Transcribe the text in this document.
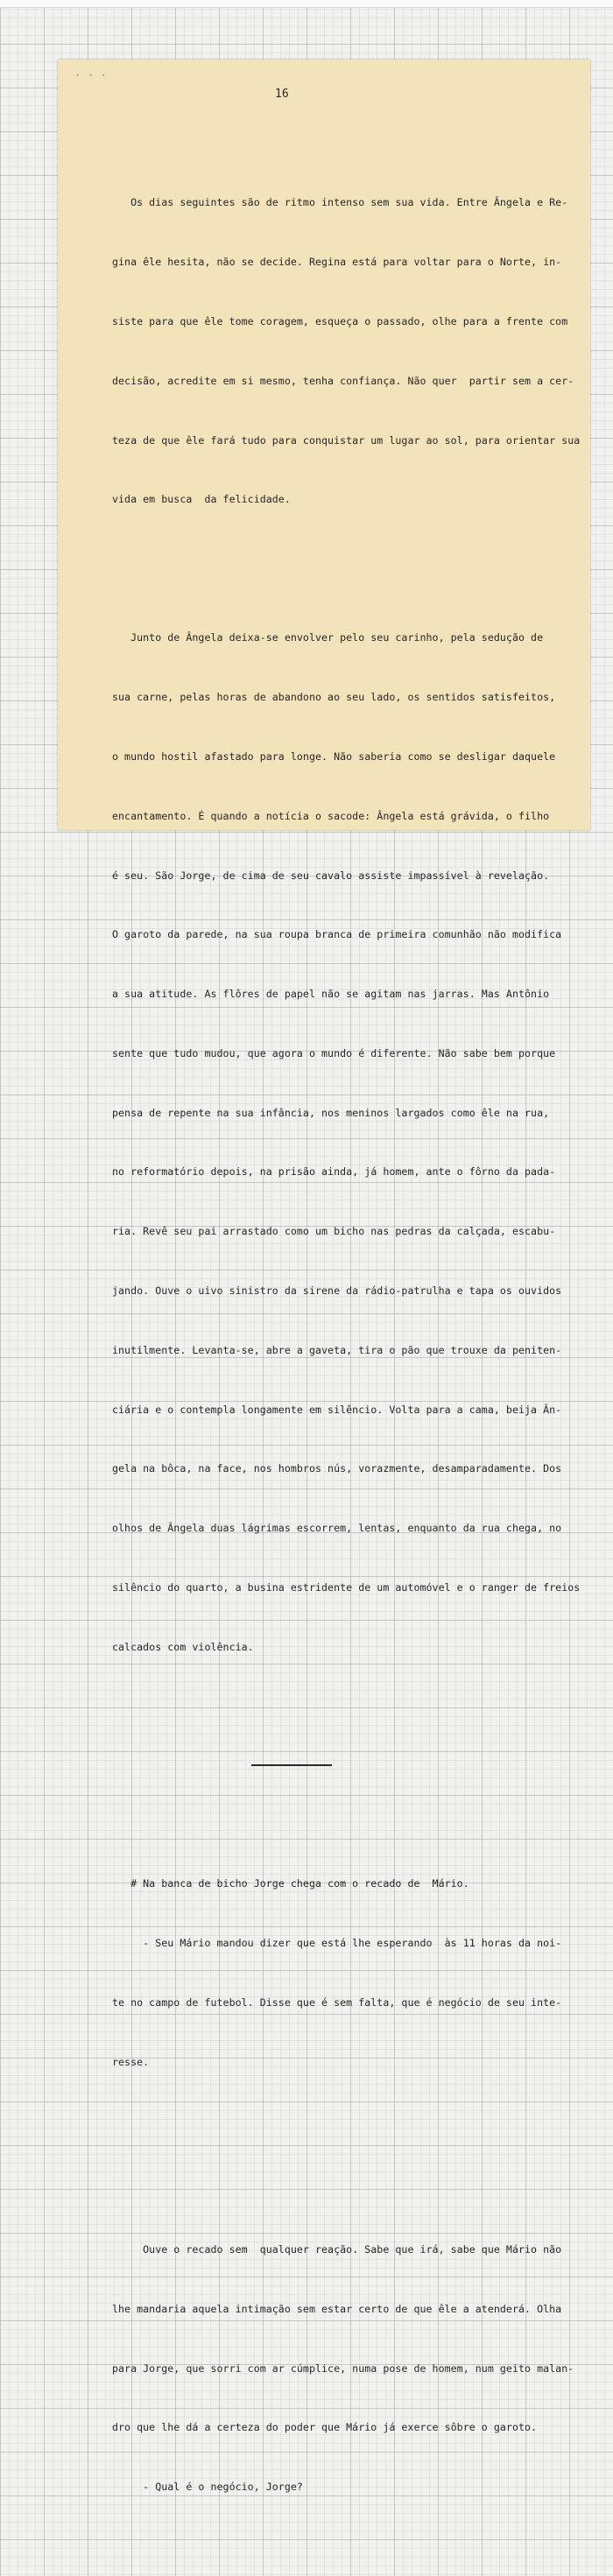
· · ·
16

Os dias seguintes são de ritmo intenso sem sua vida. Entre Ângela e Re-

gina êle hesita, não se decide. Regina está para voltar para o Norte, in-

siste para que êle tome coragem, esqueça o passado, olhe para a frente com

decisão, acredite em si mesmo, tenha confiança. Não quer  partir sem a cer-

teza de que êle fará tudo para conquistar um lugar ao sol, para orientar sua

vida em busca  da felicidade.

Junto de Ângela deixa-se envolver pelo seu carinho, pela sedução de

sua carne, pelas horas de abandono ao seu lado, os sentidos satisfeitos,

o mundo hostil afastado para longe. Não saberia como se desligar daquele

encantamento. É quando a notícia o sacode: Ângela está grávida, o filho

é seu. São Jorge, de cima de seu cavalo assiste impassível à revelação.

O garoto da parede, na sua roupa branca de primeira comunhão não modifica

a sua atitude. As flôres de papel não se agitam nas jarras. Mas Antônio

sente que tudo mudou, que agora o mundo é diferente. Não sabe bem porque

pensa de repente na sua infância, nos meninos largados como êle na rua,

no reformatório depois, na prisão ainda, já homem, ante o fôrno da pada-

ria. Revê seu pai arrastado como um bicho nas pedras da calçada, escabu-

jando. Ouve o uivo sinistro da sirene da rádio-patrulha e tapa os ouvidos

inutilmente. Levanta-se, abre a gaveta, tira o pão que trouxe da peniten-

ciária e o contempla longamente em silêncio. Volta para a cama, beija Ân-

gela na bôca, na face, nos hombros nús, vorazmente, desamparadamente. Dos

olhos de Ângela duas lágrimas escorrem, lentas, enquanto da rua chega, no

silêncio do quarto, a busina estridente de um automóvel e o ranger de freios

calcados com violência.

# Na banca de bicho Jorge chega com o recado de  Mário.

- Seu Mário mandou dizer que está lhe esperando  às 11 horas da noi-

te no campo de futebol. Disse que é sem falta, que é negócio de seu inte-

resse.

Ouve o recado sem  qualquer reação. Sabe que irá, sabe que Mário não

lhe mandaria aquela intimação sem estar certo de que êle a atenderá. Olha

para Jorge, que sorri com ar cúmplice, numa pose de homem, num geito malan-

dro que lhe dá a certeza do poder que Mário já exerce sôbre o garoto.

- Qual é o negócio, Jorge?
